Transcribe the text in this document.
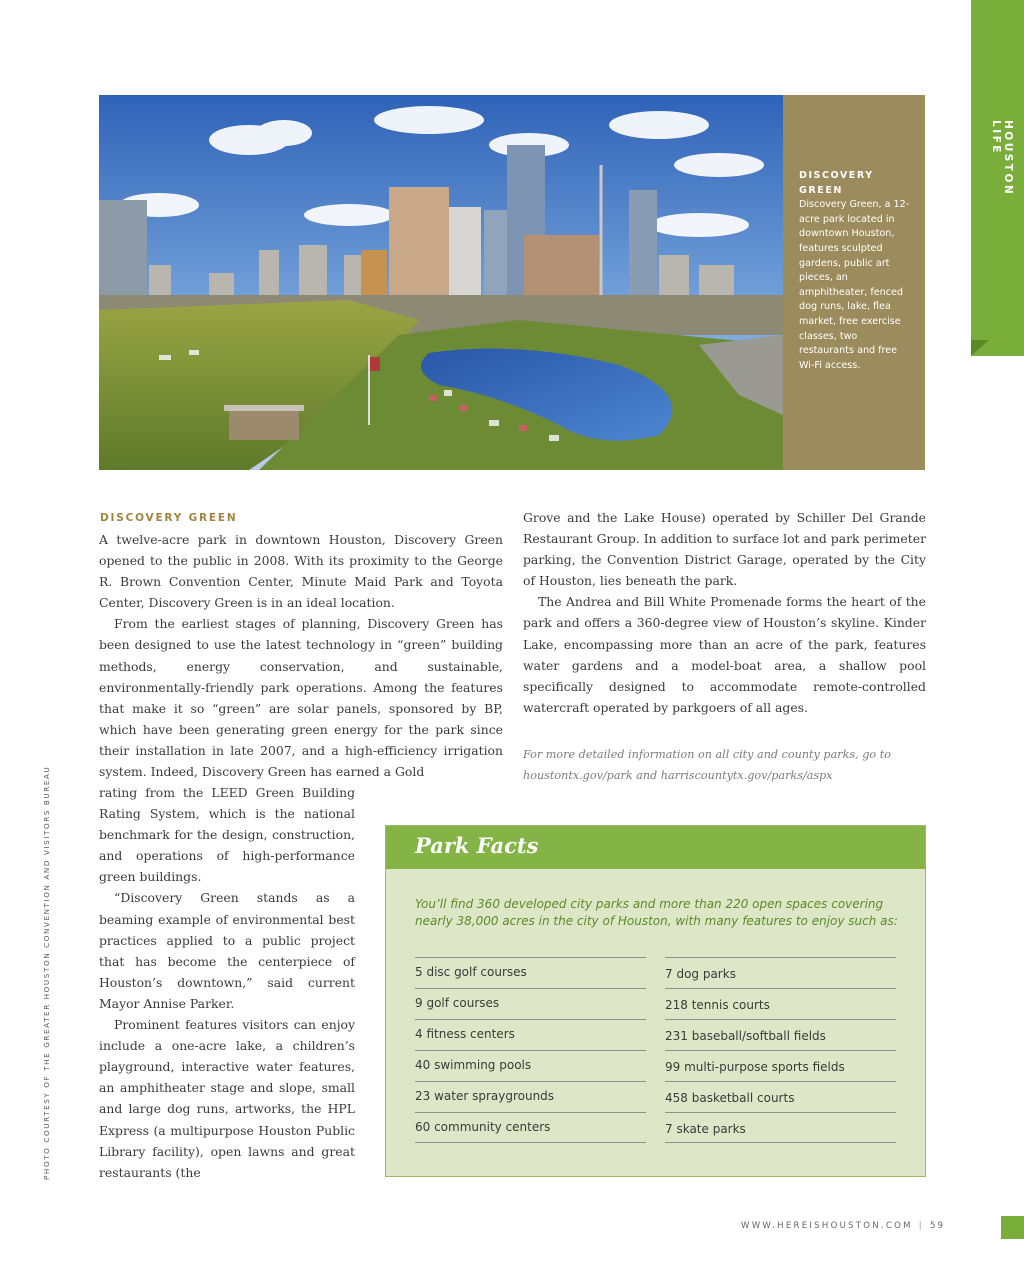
DISCOVERY GREEN
Discovery Green, a 12-acre park located in downtown Houston, features sculpted gardens, public art pieces, an amphitheater, fenced dog runs, lake, flea market, free exercise classes, two restaurants and free Wi-Fi access.
HOUSTON LIFE
PHOTO COURTESY OF THE GREATER HOUSTON CONVENTION AND VISITORS BUREAU
DISCOVERY GREEN

A twelve-acre park in downtown Houston, Discovery Green opened to the public in 2008. With its proximity to the George R. Brown Convention Center, Minute Maid Park and Toyota Center, Discovery Green is in an ideal location.

From the earliest stages of planning, Discovery Green has been designed to use the latest technology in “green” building methods, energy conservation, and sustainable, environmentally-friendly park operations. Among the features that make it so “green” are solar panels, sponsored by BP, which have been generating green energy for the park since their installation in late 2007, and a high-efficiency irrigation system. Indeed, Discovery Green has earned a Gold

rating from the LEED Green Building Rating System, which is the national benchmark for the design, construction, and operations of high-performance green buildings.

“Discovery Green stands as a beaming example of environmental best practices applied to a public project that has become the centerpiece of Houston’s downtown,” said current Mayor Annise Parker.

Prominent features visitors can enjoy include a one-acre lake, a children’s playground, interactive water features, an amphitheater stage and slope, small and large dog runs, artworks, the HPL Express (a multipurpose Houston Public Library facility), open lawns and great restaurants (the

Grove and the Lake House) operated by Schiller Del Grande Restaurant Group. In addition to surface lot and park perimeter parking, the Convention District Garage, operated by the City of Houston, lies beneath the park.

The Andrea and Bill White Promenade forms the heart of the park and offers a 360-degree view of Houston’s skyline. Kinder Lake, encompassing more than an acre of the park, features water gardens and a model-boat area, a shallow pool specifically designed to accommodate remote-controlled watercraft operated by parkgoers of all ages.

For more detailed information on all city and county parks, go to houstontx.gov/park and harriscountytx.gov/parks/aspx
Park Facts
You’ll find 360 developed city parks and more than 220 open spaces covering nearly 38,000 acres in the city of Houston, with many features to enjoy such as:
5 disc golf courses
9 golf courses
4 fitness centers
40 swimming pools
23 water spraygrounds
60 community centers
7 dog parks
218 tennis courts
231 baseball/softball fields
99 multi-purpose sports fields
458 basketball courts
7 skate parks
WWW.HEREISHOUSTON.COM | 59
